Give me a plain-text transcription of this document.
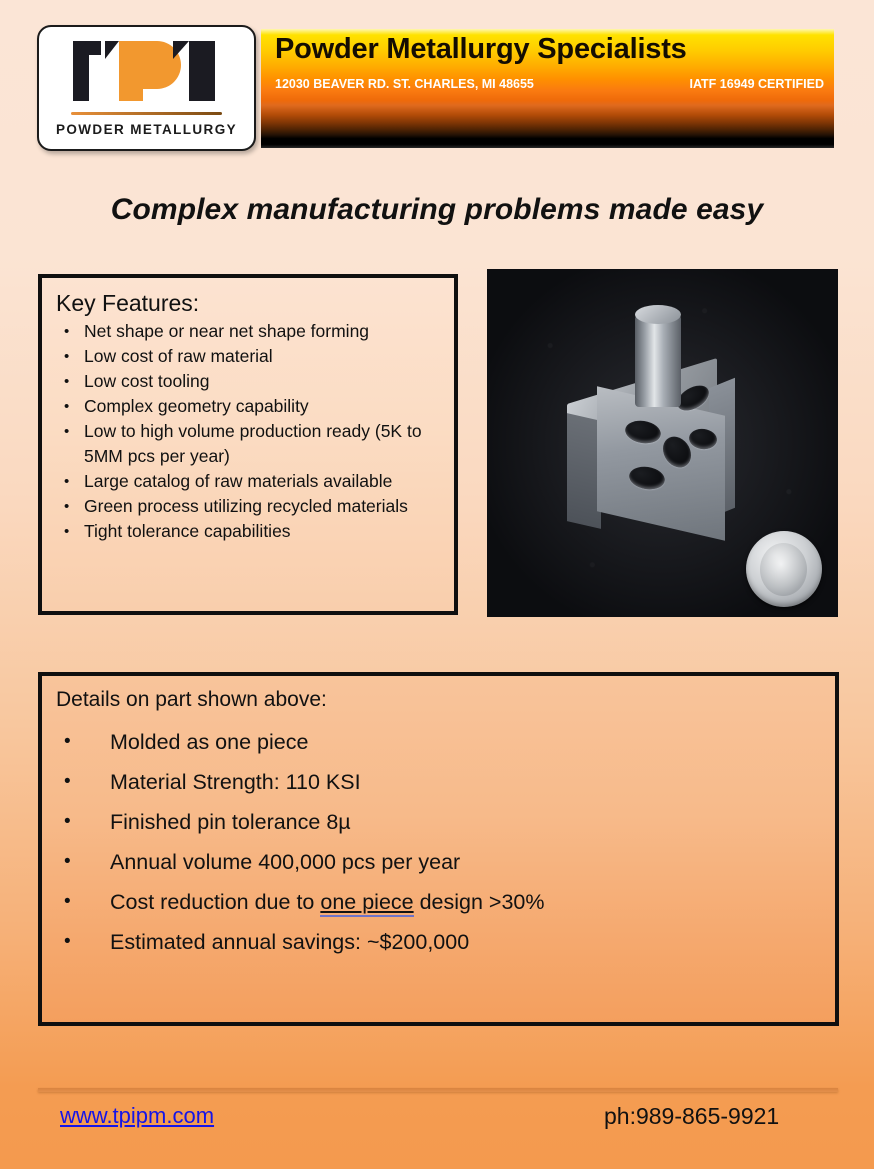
POWDER METALLURGY
Powder Metallurgy Specialists
12030 BEAVER RD. ST. CHARLES, MI 48655	IATF 16949 CERTIFIED
Complex manufacturing problems made easy
Key Features:
• Net shape or near net shape forming
• Low cost of raw material
• Low cost tooling
• Complex geometry capability
• Low to high volume production ready (5K to 5MM pcs per year)
• Large catalog of raw materials available
• Green process utilizing recycled materials
• Tight tolerance capabilities
Details on part shown above:
• Molded as one piece
• Material Strength: 110 KSI
• Finished pin tolerance 8µ
• Annual volume 400,000 pcs per year
• Cost reduction due to one piece design >30%
• Estimated annual savings: ~$200,000
www.tpipm.com	ph:989-865-9921
